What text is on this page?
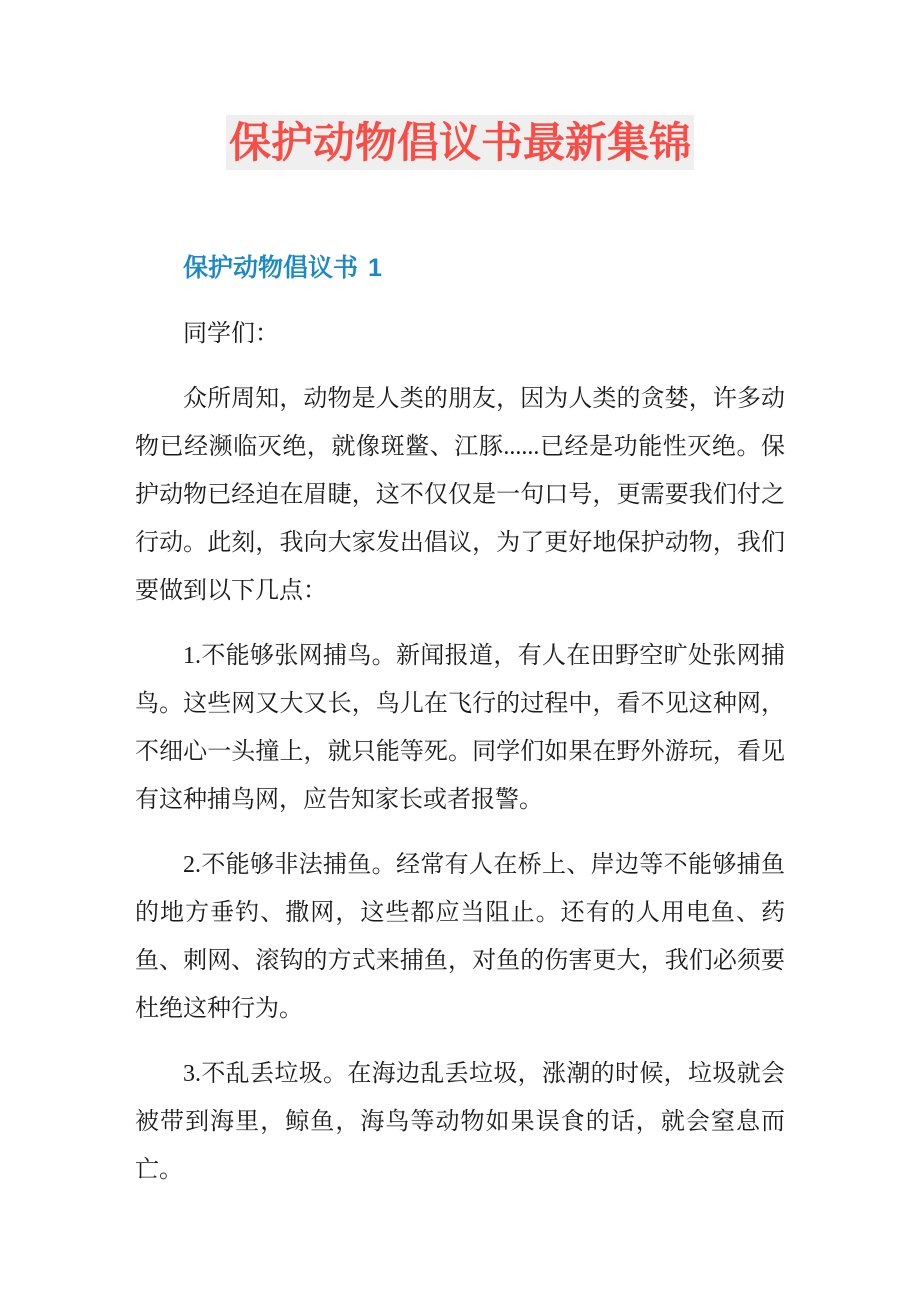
保护动物倡议书最新集锦
保护动物倡议书 1

同学们：

众所周知，动物是人类的朋友，因为人类的贪婪，许多动物已经濒临灭绝，就像斑鳖、江豚......已经是功能性灭绝。保护动物已经迫在眉睫，这不仅仅是一句口号，更需要我们付之行动。此刻，我向大家发出倡议，为了更好地保护动物，我们要做到以下几点：

1.不能够张网捕鸟。新闻报道，有人在田野空旷处张网捕鸟。这些网又大又长，鸟儿在飞行的过程中，看不见这种网，不细心一头撞上，就只能等死。同学们如果在野外游玩，看见有这种捕鸟网，应告知家长或者报警。

2.不能够非法捕鱼。经常有人在桥上、岸边等不能够捕鱼的地方垂钓、撒网，这些都应当阻止。还有的人用电鱼、药鱼、刺网、滚钩的方式来捕鱼，对鱼的伤害更大，我们必须要杜绝这种行为。

3.不乱丢垃圾。在海边乱丢垃圾，涨潮的时候，垃圾就会被带到海里，鲸鱼，海鸟等动物如果误食的话，就会窒息而亡。
